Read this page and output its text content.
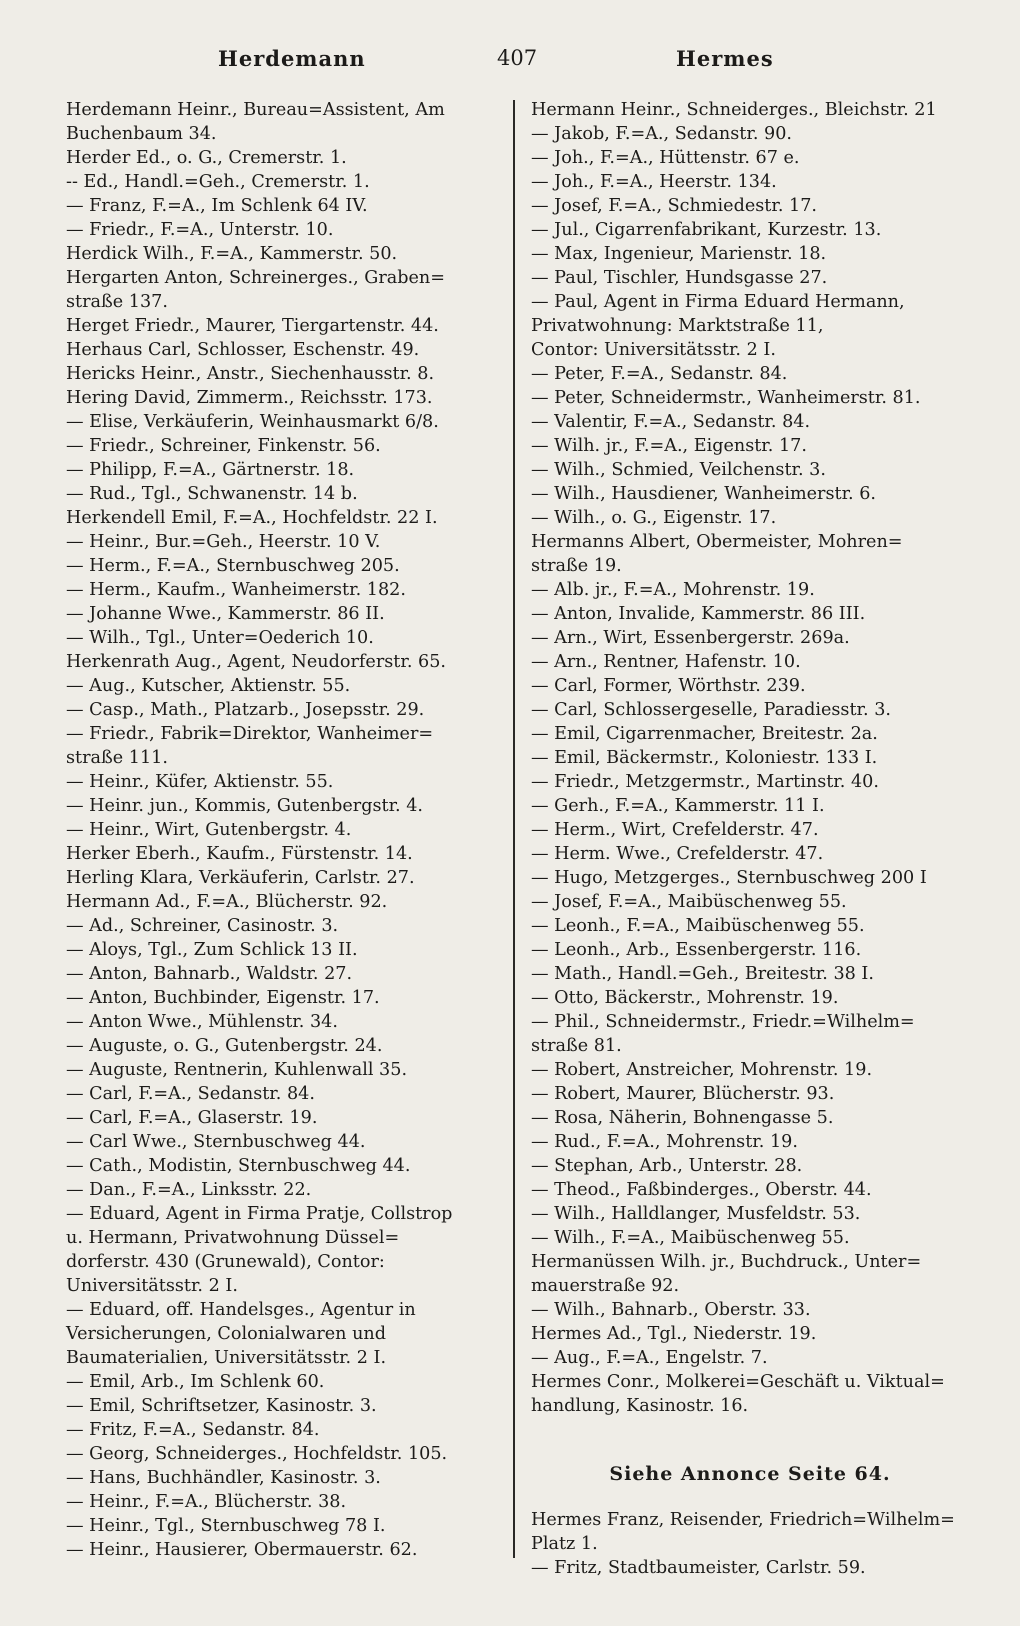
Herdemann	407	Hermes
Herdemann Heinr., Bureau=Assistent, Am
Buchenbaum 34.
Herder Ed., o. G., Cremerstr. 1.
-- Ed., Handl.=Geh., Cremerstr. 1.
— Franz, F.=A., Im Schlenk 64 IV.
— Friedr., F.=A., Unterstr. 10.
Herdick Wilh., F.=A., Kammerstr. 50.
Hergarten Anton, Schreinerges., Graben=
straße 137.
Herget Friedr., Maurer, Tiergartenstr. 44.
Herhaus Carl, Schlosser, Eschenstr. 49.
Hericks Heinr., Anstr., Siechenhausstr. 8.
Hering David, Zimmerm., Reichsstr. 173.
— Elise, Verkäuferin, Weinhausmarkt 6/8.
— Friedr., Schreiner, Finkenstr. 56.
— Philipp, F.=A., Gärtnerstr. 18.
— Rud., Tgl., Schwanenstr. 14 b.
Herkendell Emil, F.=A., Hochfeldstr. 22 I.
— Heinr., Bur.=Geh., Heerstr. 10 V.
— Herm., F.=A., Sternbuschweg 205.
— Herm., Kaufm., Wanheimerstr. 182.
— Johanne Wwe., Kammerstr. 86 II.
— Wilh., Tgl., Unter=Oederich 10.
Herkenrath Aug., Agent, Neudorferstr. 65.
— Aug., Kutscher, Aktienstr. 55.
— Casp., Math., Platzarb., Josepsstr. 29.
— Friedr., Fabrik=Direktor, Wanheimer=
straße 111.
— Heinr., Küfer, Aktienstr. 55.
— Heinr. jun., Kommis, Gutenbergstr. 4.
— Heinr., Wirt, Gutenbergstr. 4.
Herker Eberh., Kaufm., Fürstenstr. 14.
Herling Klara, Verkäuferin, Carlstr. 27.
Hermann Ad., F.=A., Blücherstr. 92.
— Ad., Schreiner, Casinostr. 3.
— Aloys, Tgl., Zum Schlick 13 II.
— Anton, Bahnarb., Waldstr. 27.
— Anton, Buchbinder, Eigenstr. 17.
— Anton Wwe., Mühlenstr. 34.
— Auguste, o. G., Gutenbergstr. 24.
— Auguste, Rentnerin, Kuhlenwall 35.
— Carl, F.=A., Sedanstr. 84.
— Carl, F.=A., Glaserstr. 19.
— Carl Wwe., Sternbuschweg 44.
— Cath., Modistin, Sternbuschweg 44.
— Dan., F.=A., Linksstr. 22.
— Eduard, Agent in Firma Pratje, Collstrop
u. Hermann, Privatwohnung Düssel=
dorferstr. 430 (Grunewald), Contor:
Universitätsstr. 2 I.
— Eduard, off. Handelsges., Agentur in
Versicherungen, Colonialwaren und
Baumaterialien, Universitätsstr. 2 I.
— Emil, Arb., Im Schlenk 60.
— Emil, Schriftsetzer, Kasinostr. 3.
— Fritz, F.=A., Sedanstr. 84.
— Georg, Schneiderges., Hochfeldstr. 105.
— Hans, Buchhändler, Kasinostr. 3.
— Heinr., F.=A., Blücherstr. 38.
— Heinr., Tgl., Sternbuschweg 78 I.
— Heinr., Hausierer, Obermauerstr. 62.
Hermann Heinr., Schneiderges., Bleichstr. 21
— Jakob, F.=A., Sedanstr. 90.
— Joh., F.=A., Hüttenstr. 67 e.
— Joh., F.=A., Heerstr. 134.
— Josef, F.=A., Schmiedestr. 17.
— Jul., Cigarrenfabrikant, Kurzestr. 13.
— Max, Ingenieur, Marienstr. 18.
— Paul, Tischler, Hundsgasse 27.
— Paul, Agent in Firma Eduard Hermann,
Privatwohnung: Marktstraße 11,
Contor: Universitätsstr. 2 I.
— Peter, F.=A., Sedanstr. 84.
— Peter, Schneidermstr., Wanheimerstr. 81.
— Valentir, F.=A., Sedanstr. 84.
— Wilh. jr., F.=A., Eigenstr. 17.
— Wilh., Schmied, Veilchenstr. 3.
— Wilh., Hausdiener, Wanheimerstr. 6.
— Wilh., o. G., Eigenstr. 17.
Hermanns Albert, Obermeister, Mohren=
straße 19.
— Alb. jr., F.=A., Mohrenstr. 19.
— Anton, Invalide, Kammerstr. 86 III.
— Arn., Wirt, Essenbergerstr. 269a.
— Arn., Rentner, Hafenstr. 10.
— Carl, Former, Wörthstr. 239.
— Carl, Schlossergeselle, Paradiesstr. 3.
— Emil, Cigarrenmacher, Breitestr. 2a.
— Emil, Bäckermstr., Koloniestr. 133 I.
— Friedr., Metzgermstr., Martinstr. 40.
— Gerh., F.=A., Kammerstr. 11 I.
— Herm., Wirt, Crefelderstr. 47.
— Herm. Wwe., Crefelderstr. 47.
— Hugo, Metzgerges., Sternbuschweg 200 I
— Josef, F.=A., Maibüschenweg 55.
— Leonh., F.=A., Maibüschenweg 55.
— Leonh., Arb., Essenbergerstr. 116.
— Math., Handl.=Geh., Breitestr. 38 I.
— Otto, Bäckerstr., Mohrenstr. 19.
— Phil., Schneidermstr., Friedr.=Wilhelm=
straße 81.
— Robert, Anstreicher, Mohrenstr. 19.
— Robert, Maurer, Blücherstr. 93.
— Rosa, Näherin, Bohnengasse 5.
— Rud., F.=A., Mohrenstr. 19.
— Stephan, Arb., Unterstr. 28.
— Theod., Faßbinderges., Oberstr. 44.
— Wilh., Halldlanger, Musfeldstr. 53.
— Wilh., F.=A., Maibüschenweg 55.
Hermanüssen Wilh. jr., Buchdruck., Unter=
mauerstraße 92.
— Wilh., Bahnarb., Oberstr. 33.
Hermes Ad., Tgl., Niederstr. 19.
— Aug., F.=A., Engelstr. 7.
Hermes Conr., Molkerei=Geschäft u. Viktual=
handlung, Kasinostr. 16.
Siehe Annonce Seite 64.
Hermes Franz, Reisender, Friedrich=Wilhelm=
Platz 1.
— Fritz, Stadtbaumeister, Carlstr. 59.
